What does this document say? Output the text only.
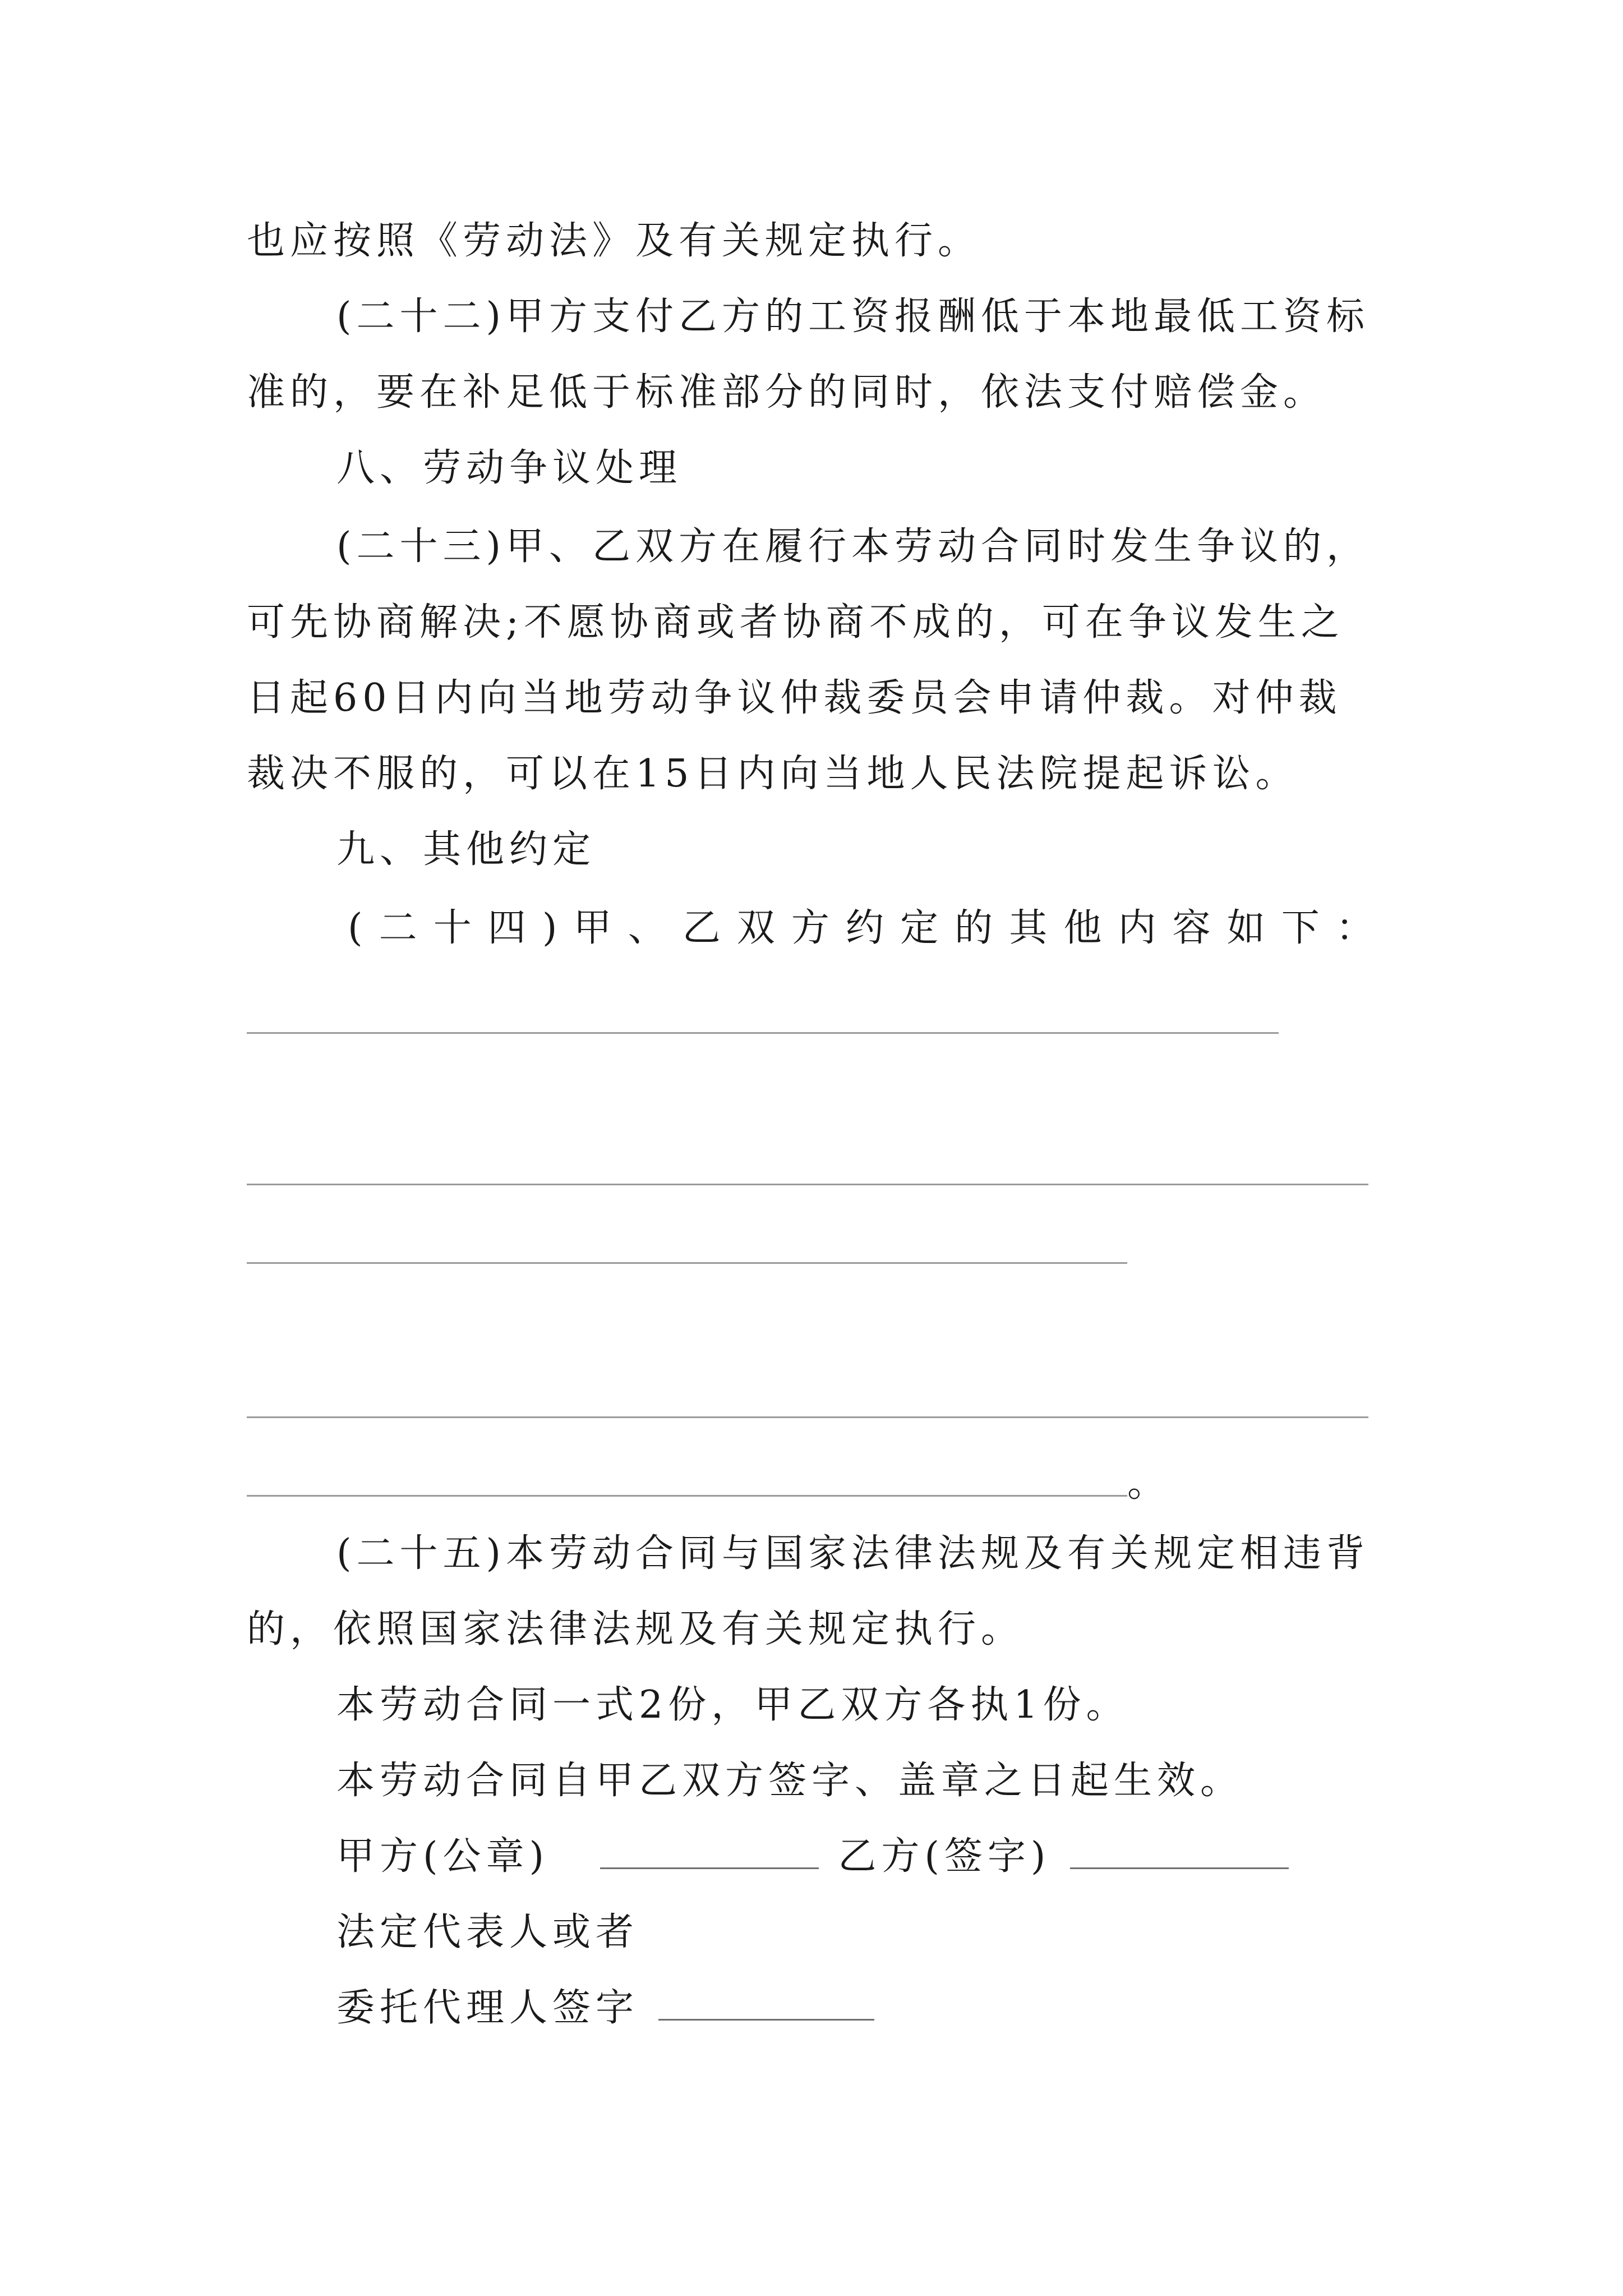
也应按照《劳动法》及有关规定执行。
(二十二)甲方支付乙方的工资报酬低于本地最低工资标
准的，要在补足低于标准部分的同时，依法支付赔偿金。
八、劳动争议处理
(二十三)甲、乙双方在履行本劳动合同时发生争议的，
可先协商解决;不愿协商或者协商不成的，可在争议发生之
日起60日内向当地劳动争议仲裁委员会申请仲裁。对仲裁
裁决不服的，可以在15日内向当地人民法院提起诉讼。
九、其他约定
( 二 十 四 ) 甲 、 乙 双 方 约 定 的 其 他 内 容 如 下 ：
。
(二十五)本劳动合同与国家法律法规及有关规定相违背
的，依照国家法律法规及有关规定执行。
本劳动合同一式2份，甲乙双方各执1份。
本劳动合同自甲乙双方签字、盖章之日起生效。
甲方(公章)	乙方(签字)
法定代表人或者
委托代理人签字
